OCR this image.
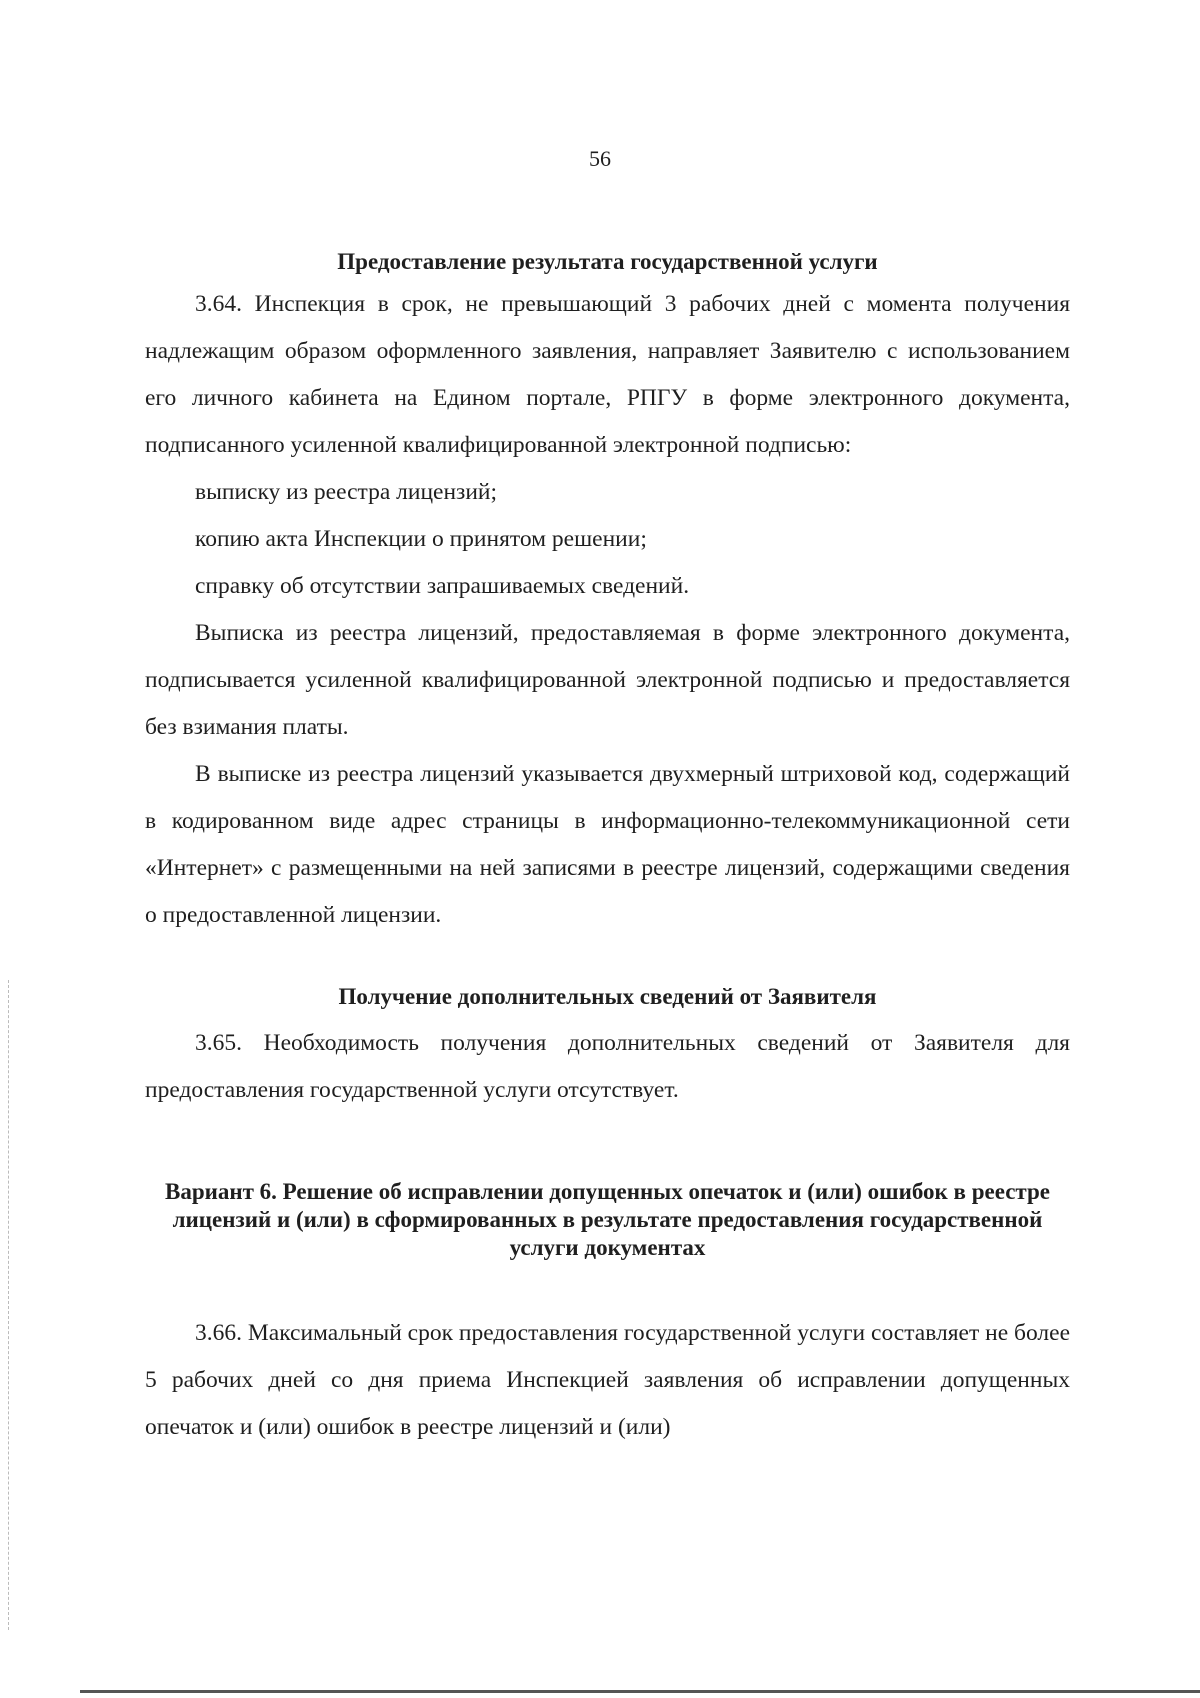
56
Предоставление результата государственной услуги

3.64. Инспекция в срок, не превышающий 3 рабочих дней с момента получения надлежащим образом оформленного заявления, направляет Заявителю с использованием его личного кабинета на Едином портале, РПГУ в форме электронного документа, подписанного усиленной квалифицированной электронной подписью:

выписку из реестра лицензий;

копию акта Инспекции о принятом решении;

справку об отсутствии запрашиваемых сведений.

Выписка из реестра лицензий, предоставляемая в форме электронного документа, подписывается усиленной квалифицированной электронной подписью и предоставляется без взимания платы.

В выписке из реестра лицензий указывается двухмерный штриховой код, содержащий в кодированном виде адрес страницы в информационно-телекоммуникационной сети «Интернет» с размещенными на ней записями в реестре лицензий, содержащими сведения о предоставленной лицензии.

Получение дополнительных сведений от Заявителя

3.65. Необходимость получения дополнительных сведений от Заявителя для предоставления государственной услуги отсутствует.

Вариант 6. Решение об исправлении допущенных опечаток и (или) ошибок в реестре лицензий и (или) в сформированных в результате предоставления государственной услуги документах

3.66. Максимальный срок предоставления государственной услуги составляет не более 5 рабочих дней со дня приема Инспекцией заявления об исправлении допущенных опечаток и (или) ошибок в реестре лицензий и (или)
